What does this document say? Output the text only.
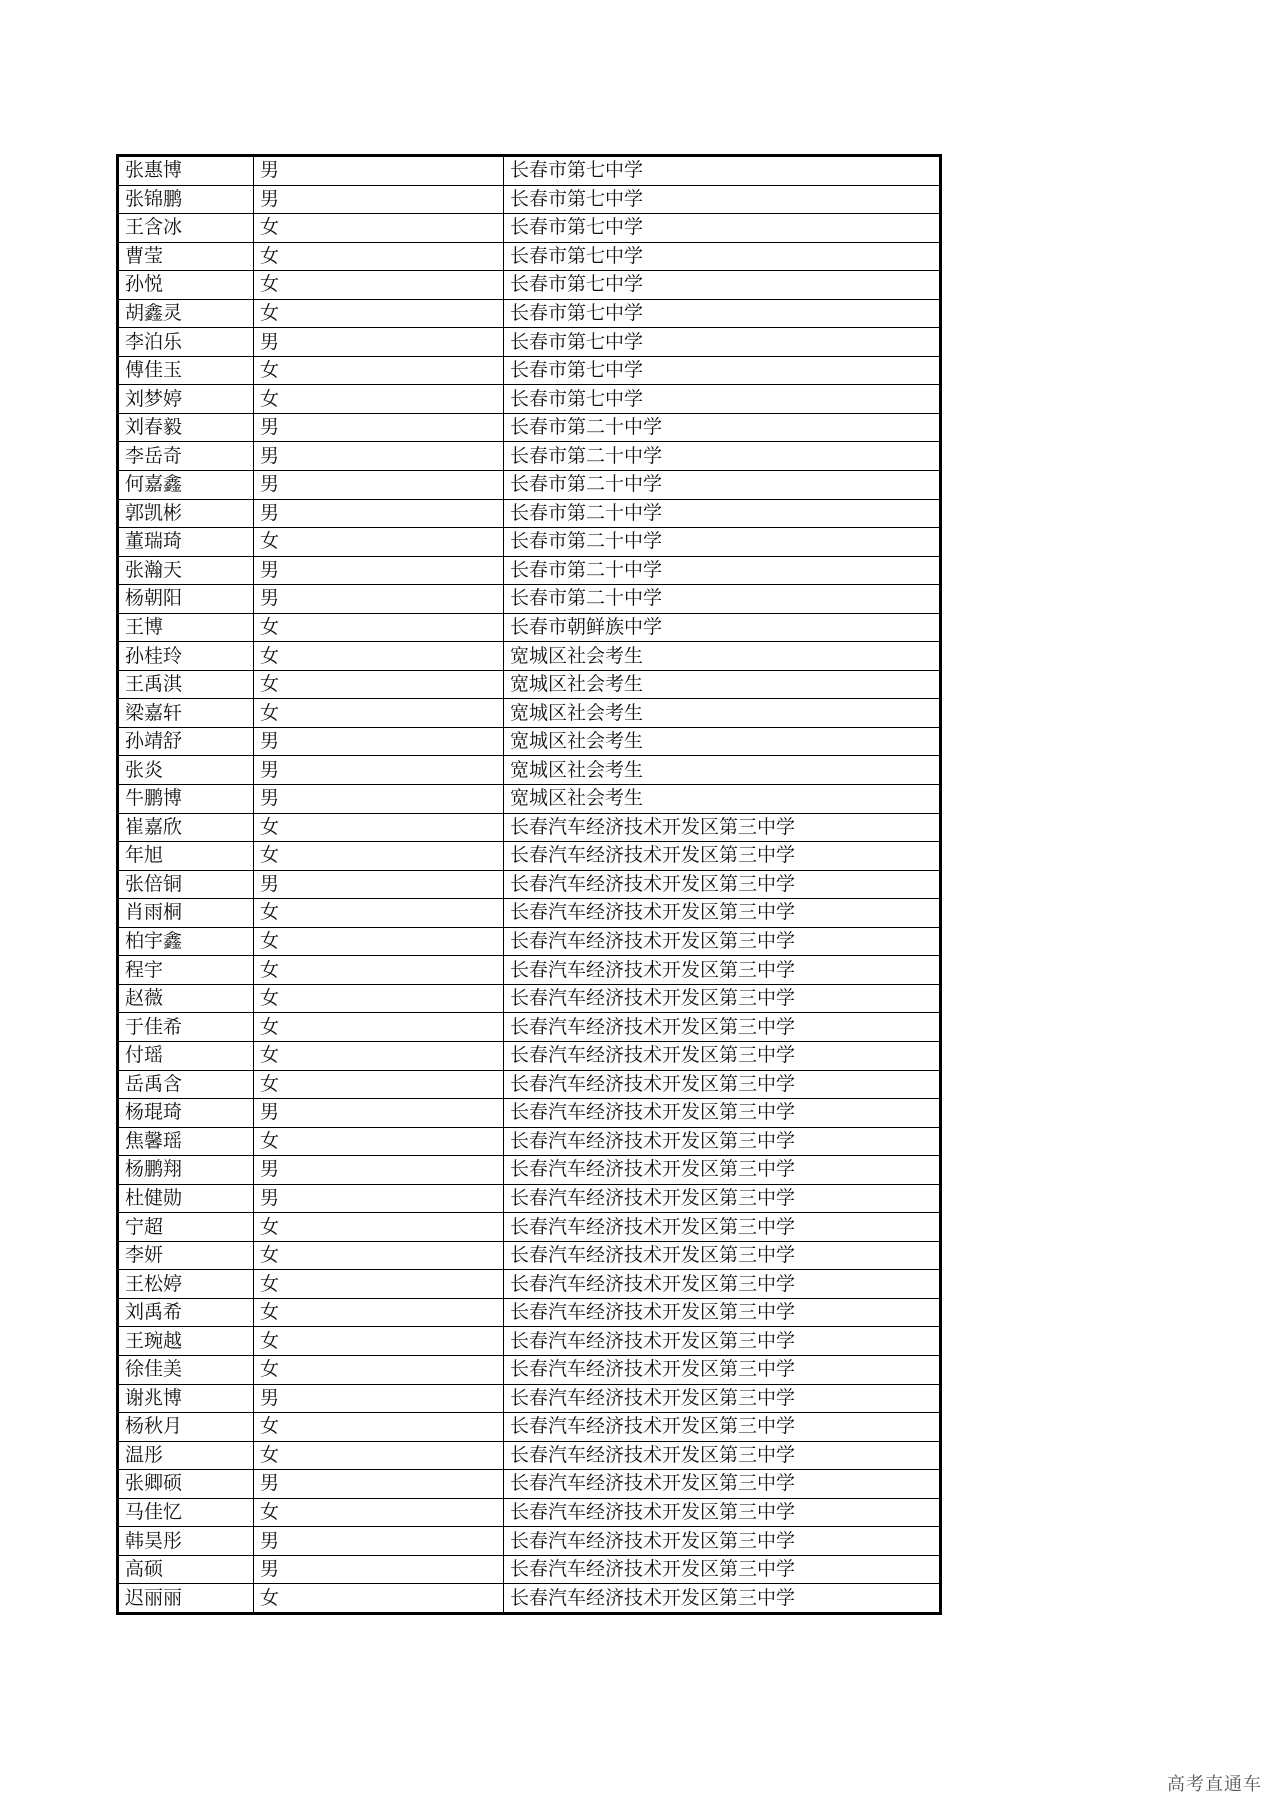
张惠博	男	长春市第七中学
张锦鹏	男	长春市第七中学
王含冰	女	长春市第七中学
曹莹	女	长春市第七中学
孙悦	女	长春市第七中学
胡鑫灵	女	长春市第七中学
李泊乐	男	长春市第七中学
傅佳玉	女	长春市第七中学
刘梦婷	女	长春市第七中学
刘春毅	男	长春市第二十中学
李岳奇	男	长春市第二十中学
何嘉鑫	男	长春市第二十中学
郭凯彬	男	长春市第二十中学
董瑞琦	女	长春市第二十中学
张瀚天	男	长春市第二十中学
杨朝阳	男	长春市第二十中学
王博	女	长春市朝鲜族中学
孙桂玲	女	宽城区社会考生
王禹淇	女	宽城区社会考生
梁嘉轩	女	宽城区社会考生
孙靖舒	男	宽城区社会考生
张炎	男	宽城区社会考生
牛鹏博	男	宽城区社会考生
崔嘉欣	女	长春汽车经济技术开发区第三中学
年旭	女	长春汽车经济技术开发区第三中学
张倍铜	男	长春汽车经济技术开发区第三中学
肖雨桐	女	长春汽车经济技术开发区第三中学
柏宇鑫	女	长春汽车经济技术开发区第三中学
程宇	女	长春汽车经济技术开发区第三中学
赵薇	女	长春汽车经济技术开发区第三中学
于佳希	女	长春汽车经济技术开发区第三中学
付瑶	女	长春汽车经济技术开发区第三中学
岳禹含	女	长春汽车经济技术开发区第三中学
杨琨琦	男	长春汽车经济技术开发区第三中学
焦馨瑶	女	长春汽车经济技术开发区第三中学
杨鹏翔	男	长春汽车经济技术开发区第三中学
杜健勋	男	长春汽车经济技术开发区第三中学
宁超	女	长春汽车经济技术开发区第三中学
李妍	女	长春汽车经济技术开发区第三中学
王松婷	女	长春汽车经济技术开发区第三中学
刘禹希	女	长春汽车经济技术开发区第三中学
王琬越	女	长春汽车经济技术开发区第三中学
徐佳美	女	长春汽车经济技术开发区第三中学
谢兆博	男	长春汽车经济技术开发区第三中学
杨秋月	女	长春汽车经济技术开发区第三中学
温彤	女	长春汽车经济技术开发区第三中学
张卿硕	男	长春汽车经济技术开发区第三中学
马佳忆	女	长春汽车经济技术开发区第三中学
韩昊彤	男	长春汽车经济技术开发区第三中学
高硕	男	长春汽车经济技术开发区第三中学
迟丽丽	女	长春汽车经济技术开发区第三中学
高考直通车
